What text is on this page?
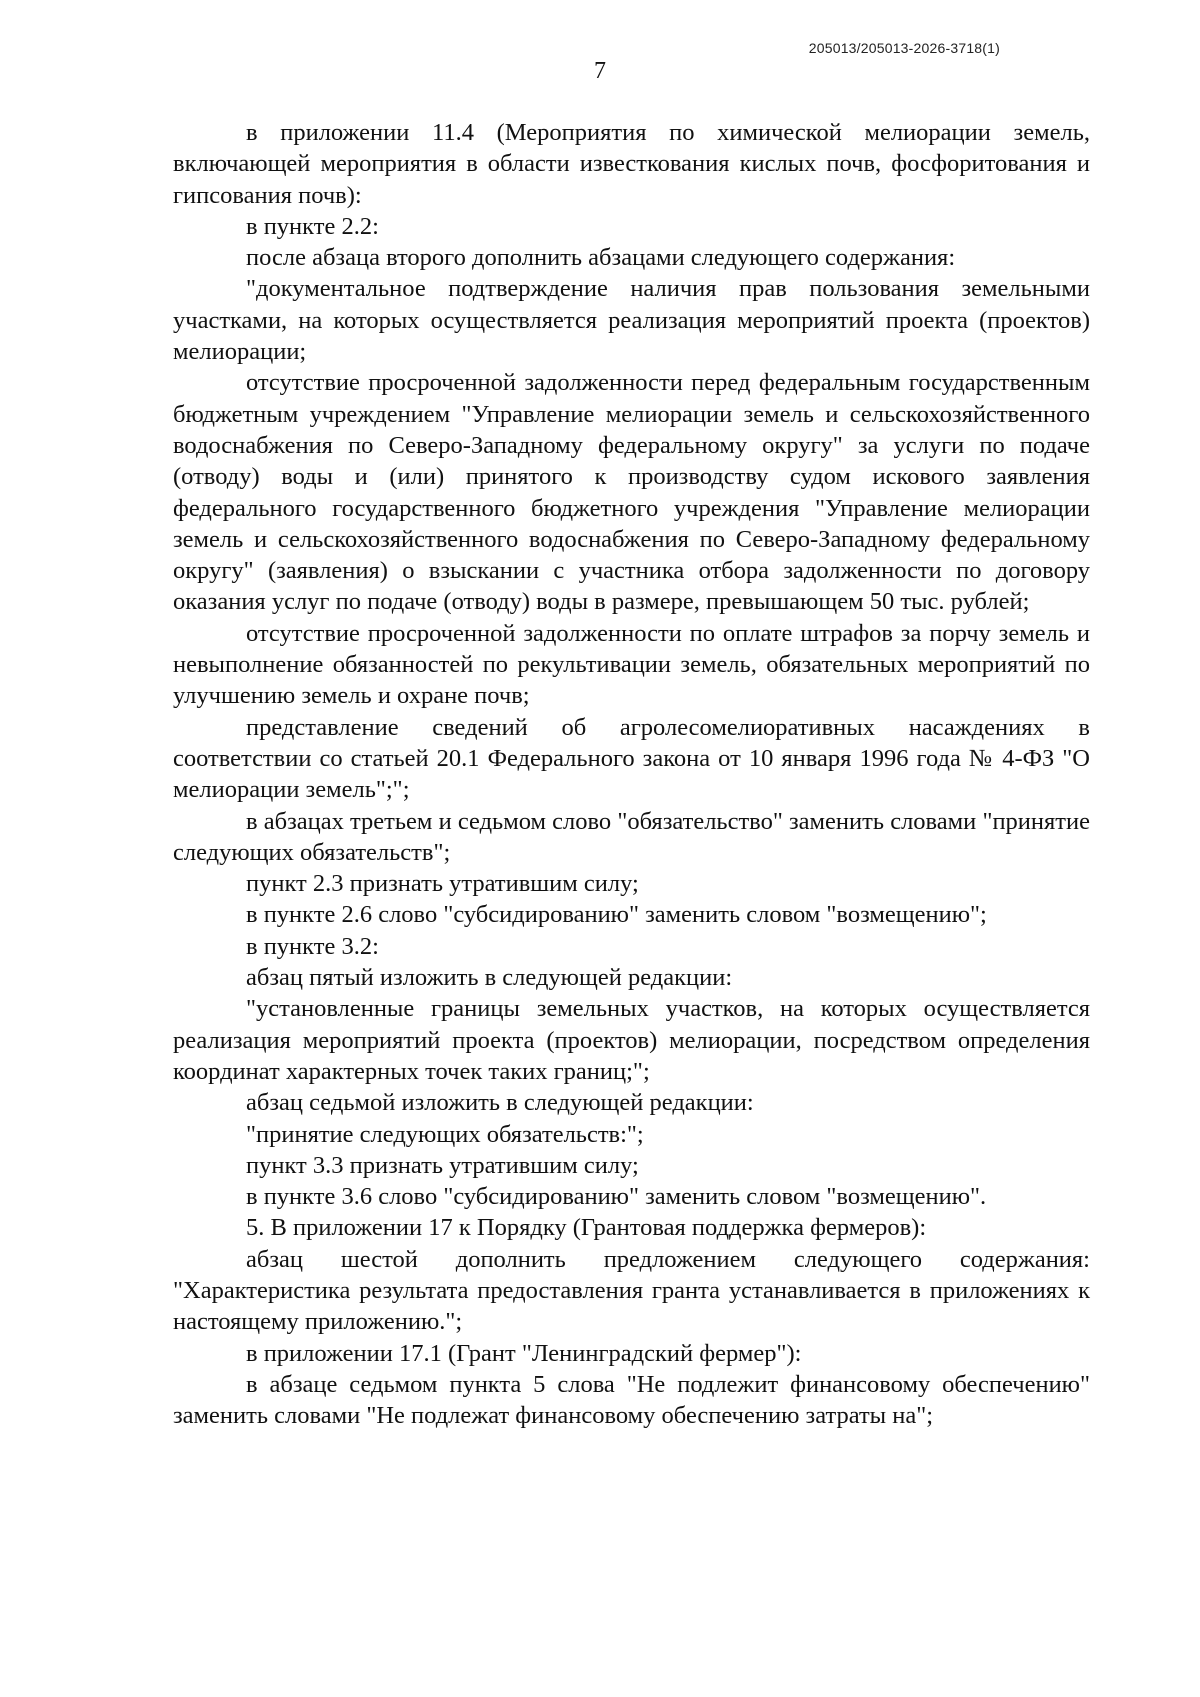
205013/205013-2026-3718(1)
7

в приложении 11.4 (Мероприятия по химической мелиорации земель, включающей мероприятия в области известкования кислых почв, фосфоритования и гипсования почв):

в пункте 2.2:

после абзаца второго дополнить абзацами следующего содержания:

"документальное подтверждение наличия прав пользования земельными участками, на которых осуществляется реализация мероприятий проекта (проектов) мелиорации;

отсутствие просроченной задолженности перед федеральным государственным бюджетным учреждением "Управление мелиорации земель и сельскохозяйственного водоснабжения по Северо-Западному федеральному округу" за услуги по подаче (отводу) воды и (или) принятого к производству судом искового заявления федерального государственного бюджетного учреждения "Управление мелиорации земель и сельскохозяйственного водоснабжения по Северо-Западному федеральному округу" (заявления) о взыскании с участника отбора задолженности по договору оказания услуг по подаче (отводу) воды в размере, превышающем 50 тыс. рублей;

отсутствие просроченной задолженности по оплате штрафов за порчу земель и невыполнение обязанностей по рекультивации земель, обязательных мероприятий по улучшению земель и охране почв;

представление сведений об агролесомелиоративных насаждениях в соответствии со статьей 20.1 Федерального закона от 10 января 1996 года № 4-ФЗ "О мелиорации земель";";

в абзацах третьем и седьмом слово "обязательство" заменить словами "принятие следующих обязательств";

пункт 2.3 признать утратившим силу;

в пункте 2.6 слово "субсидированию" заменить словом "возмещению";

в пункте 3.2:

абзац пятый изложить в следующей редакции:

"установленные границы земельных участков, на которых осуществляется реализация мероприятий проекта (проектов) мелиорации, посредством определения координат характерных точек таких границ;";

абзац седьмой изложить в следующей редакции:

"принятие следующих обязательств:";

пункт 3.3 признать утратившим силу;

в пункте 3.6 слово "субсидированию" заменить словом "возмещению".

5. В приложении 17 к Порядку (Грантовая поддержка фермеров):

абзац шестой дополнить предложением следующего содержания: "Характеристика результата предоставления гранта устанавливается в приложениях к настоящему приложению.";

в приложении 17.1 (Грант "Ленинградский фермер"):

в абзаце седьмом пункта 5 слова "Не подлежит финансовому обеспечению" заменить словами "Не подлежат финансовому обеспечению затраты на";
